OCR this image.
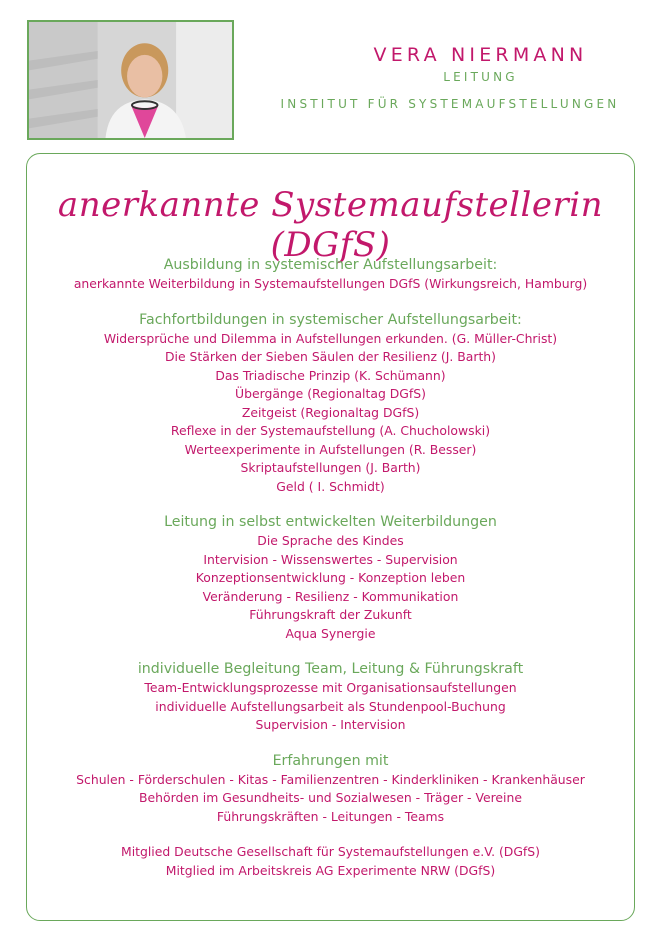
VERA NIERMANN
LEITUNG
INSTITUT FÜR SYSTEMAUFSTELLUNGEN
anerkannte Systemaufstellerin (DGfS)
Ausbildung in systemischer Aufstellungsarbeit:
anerkannte Weiterbildung in Systemaufstellungen DGfS (Wirkungsreich, Hamburg)
Fachfortbildungen in systemischer Aufstellungsarbeit:
Widersprüche und Dilemma in Aufstellungen erkunden. (G. Müller-Christ)
Die Stärken der Sieben Säulen der Resilienz (J. Barth)
Das Triadische Prinzip (K. Schümann)
Übergänge (Regionaltag DGfS)
Zeitgeist (Regionaltag DGfS)
Reflexe in der Systemaufstellung (A. Chucholowski)
Werteexperimente in Aufstellungen (R. Besser)
Skriptaufstellungen (J. Barth)
Geld ( I. Schmidt)
Leitung in selbst entwickelten Weiterbildungen
Die Sprache des Kindes
Intervision - Wissenswertes - Supervision
Konzeptionsentwicklung - Konzeption leben
Veränderung - Resilienz - Kommunikation
Führungskraft der Zukunft
Aqua Synergie
individuelle Begleitung Team, Leitung & Führungskraft
Team-Entwicklungsprozesse mit Organisationsaufstellungen
individuelle Aufstellungsarbeit als Stundenpool-Buchung
Supervision - Intervision
Erfahrungen mit
Schulen - Förderschulen - Kitas - Familienzentren - Kinderkliniken - Krankenhäuser
Behörden im Gesundheits- und Sozialwesen - Träger - Vereine
Führungskräften - Leitungen - Teams
Mitglied Deutsche Gesellschaft für Systemaufstellungen e.V. (DGfS)
Mitglied im Arbeitskreis AG Experimente NRW (DGfS)
